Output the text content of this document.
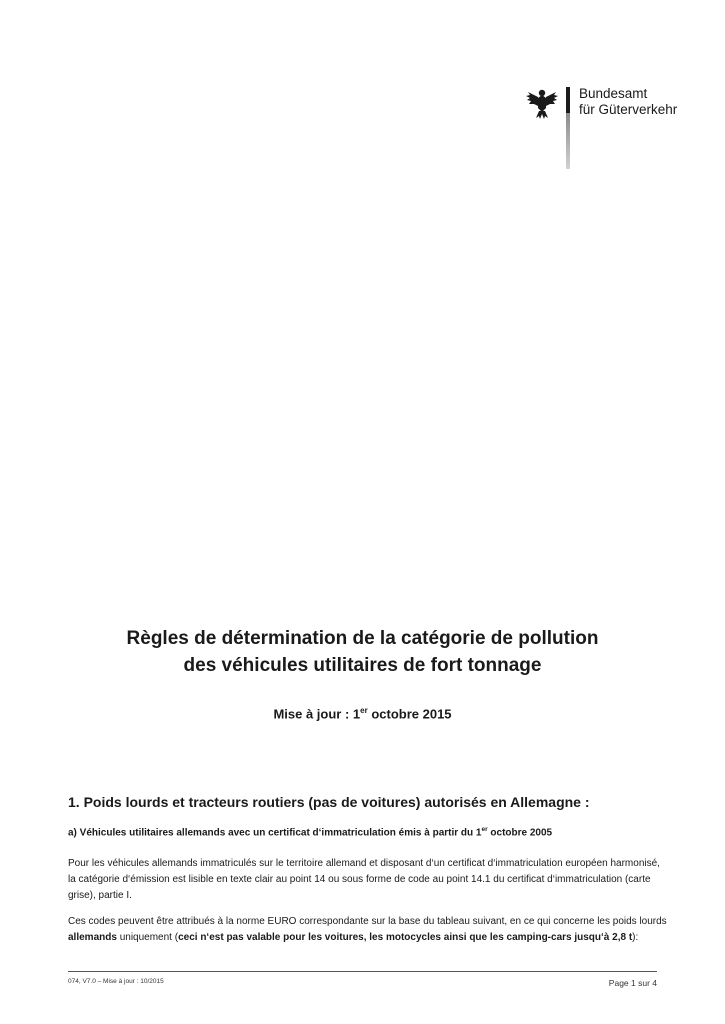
Bundesamt
für Güterverkehr
Règles de détermination de la catégorie de pollution
des véhicules utilitaires de fort tonnage
Mise à jour : 1er octobre 2015
1. Poids lourds et tracteurs routiers (pas de voitures) autorisés en Allemagne :
a) Véhicules utilitaires allemands avec un certificat d‘immatriculation émis à partir du 1er octobre 2005
Pour les véhicules allemands immatriculés sur le territoire allemand et disposant d‘un certificat d‘immatriculation européen harmonisé, la catégorie d‘émission est lisible en texte clair au point 14 ou sous forme de code au point 14.1 du certificat d‘immatriculation (carte grise), partie I.
Ces codes peuvent être attribués à la norme EURO correspondante sur la base du tableau suivant, en ce qui concerne les poids lourds allemands uniquement (ceci n‘est pas valable pour les voitures, les motocycles ainsi que les camping-cars jusqu‘à 2,8 t):
074, V7.0 – Mise à jour : 10/2015	Page 1 sur 4
